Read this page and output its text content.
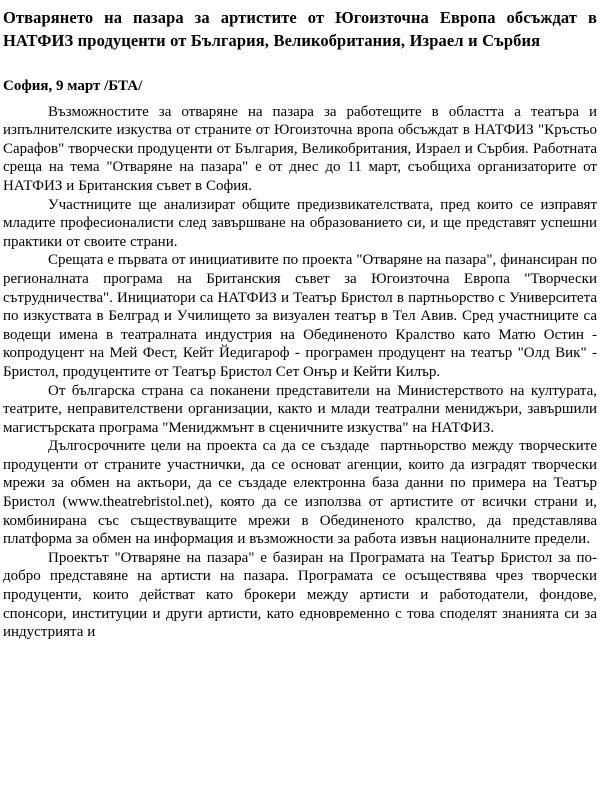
Отварянето на пазара за артистите от Югоизточна Европа обсъждат в НАТФИЗ продуценти от България, Великобритания, Израел и Сърбия

София, 9 март /БТА/

Възможностите за отваряне на пазара за работещите в областта а театъра и изпълнителските изкуства от страните от Югоизточна вропа обсъждат в НАТФИЗ "Кръстьо Сарафов" творчески продуценти от България, Великобритания, Израел и Сърбия. Работната среща на тема "Отваряне на пазара" е от днес до 11 март, съобщиха организаторите от НАТФИЗ и Британския съвет в София.

Участниците ще анализират общите предизвикателствата, пред които се изправят младите професионалисти след завършване на образованието си, и ще представят успешни практики от своите страни.

Срещата е първата от инициативите по проекта "Отваряне на пазара", финансиран по регионалната програма на Британския съвет за Югоизточна Европа "Творчески сътрудничества". Инициатори са НАТФИЗ и Театър Бристол в партньорство с Университета по изкуствата в Белград и Училището за визуален театър в Тел Авив. Сред участниците са водещи имена в театралната индустрия на Обединеното Кралство като Матю Остин - копродуцент на Мей Фест, Кейт Йедигароф - програмен продуцент на театър "Олд Вик" - Бристол, продуцентите от Театър Бристол Сет Онър и Кейти Килър.

От българска страна са поканени представители на Министерството на културата, театрите, неправителствени организации, както и млади театрални мениджъри, завършили магистърската програма "Мениджмънт в сценичните изкуства" на НАТФИЗ.

Дългосрочните цели на проекта са да се създаде  партньорство между творческите продуценти от страните участнички, да се основат агенции, които да изградят творчески мрежи за обмен на актьори, да се създаде електронна база данни по примера на Театър Бристол (www.theatrebristol.net), която да се използва от артистите от всички страни и, комбинирана със съществуващите мрежи в Обединеното кралство, да представлява платформа за обмен на информация и възможности за работа извън националните предели.

Проектът "Отваряне на пазара" е базиран на Програмата на Театър Бристол за по-добро представяне на артисти на пазара. Програмата се осъществява чрез творчески продуценти, които действат като брокери между артисти и работодатели, фондове, спонсори, институции и други артисти, като едновременно с това споделят знанията си за индустрията и
